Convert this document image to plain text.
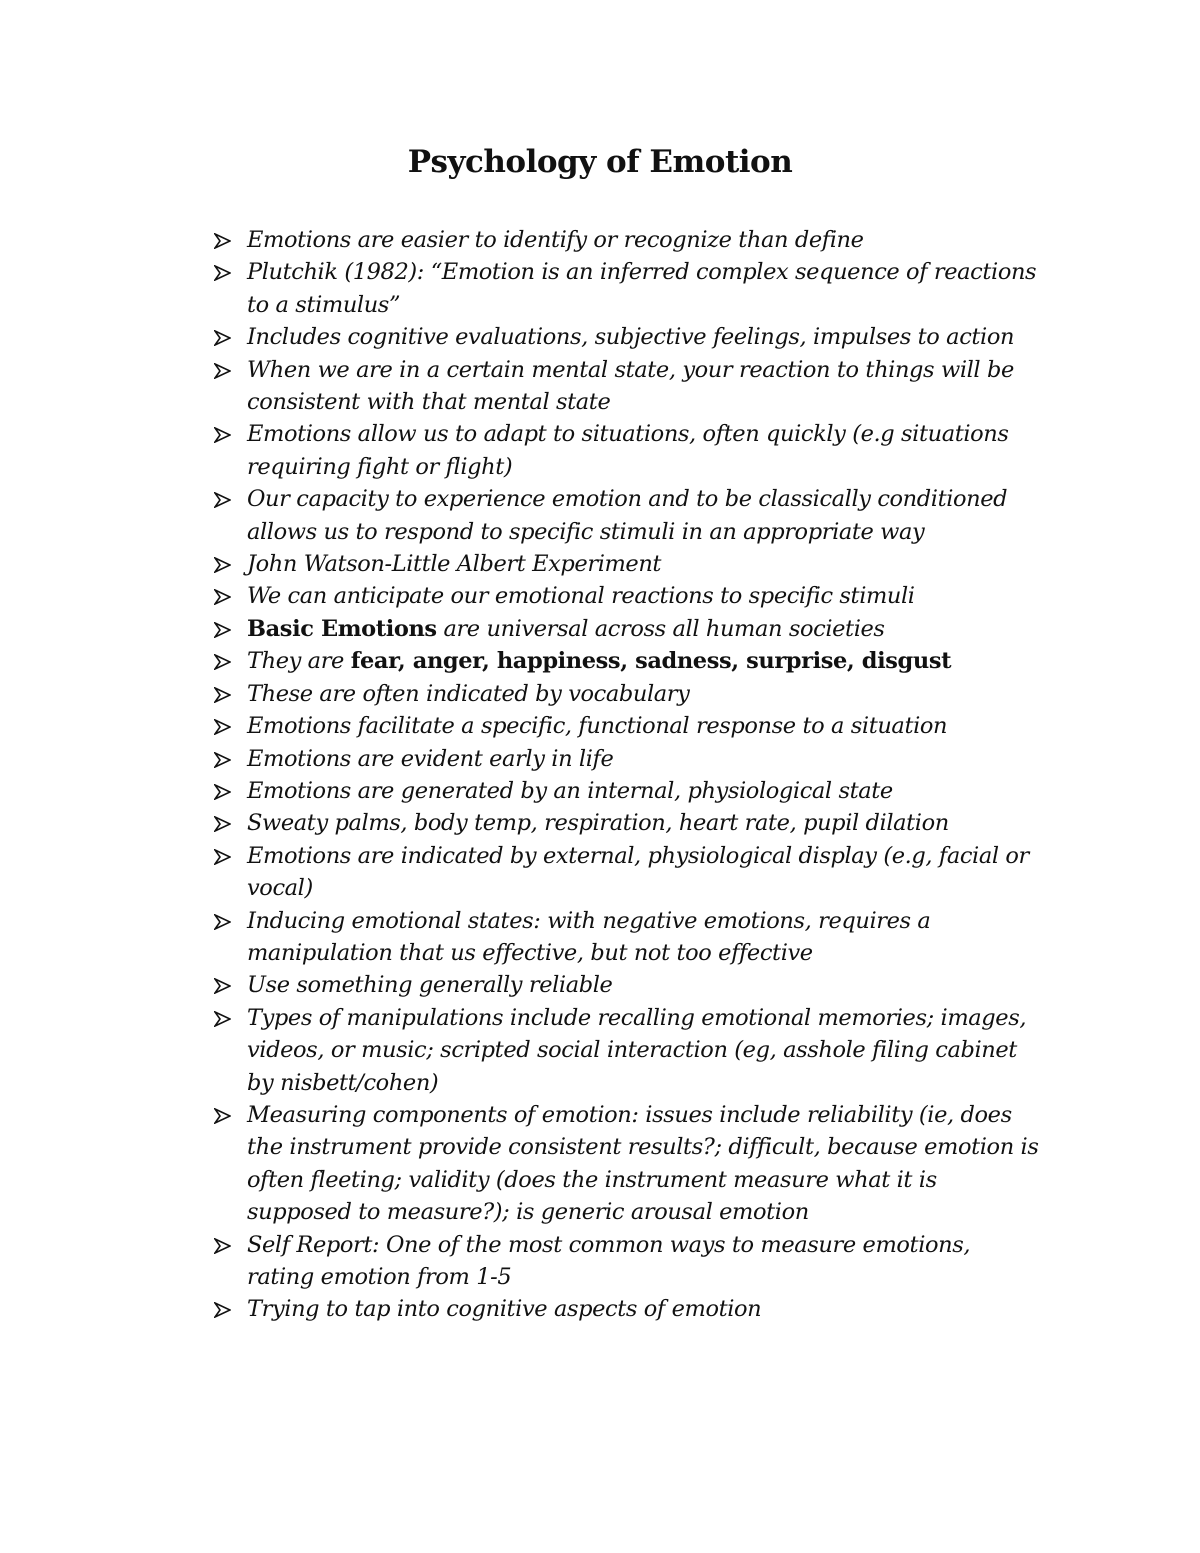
Psychology of Emotion
Emotions are easier to identify or recognize than define
Plutchik (1982): “Emotion is an inferred complex sequence of reactions to a stimulus”
Includes cognitive evaluations, subjective feelings, impulses to action
When we are in a certain mental state, your reaction to things will be consistent with that mental state
Emotions allow us to adapt to situations, often quickly (e.g situations requiring fight or flight)
Our capacity to experience emotion and to be classically conditioned allows us to respond to specific stimuli in an appropriate way
John Watson-Little Albert Experiment
We can anticipate our emotional reactions to specific stimuli
Basic Emotions are universal across all human societies
They are fear, anger, happiness, sadness, surprise, disgust
These are often indicated by vocabulary
Emotions facilitate a specific, functional response to a situation
Emotions are evident early in life
Emotions are generated by an internal, physiological state
Sweaty palms, body temp, respiration, heart rate, pupil dilation
Emotions are indicated by external, physiological display (e.g, facial or vocal)
Inducing emotional states: with negative emotions, requires a manipulation that us effective, but not too effective
Use something generally reliable
Types of manipulations include recalling emotional memories; images, videos, or music; scripted social interaction (eg, asshole filing cabinet by nisbett/cohen)
Measuring components of emotion: issues include reliability (ie, does the instrument provide consistent results?; difficult, because emotion is often fleeting; validity (does the instrument measure what it is supposed to measure?); is generic arousal emotion
Self Report: One of the most common ways to measure emotions, rating emotion from 1-5
Trying to tap into cognitive aspects of emotion
